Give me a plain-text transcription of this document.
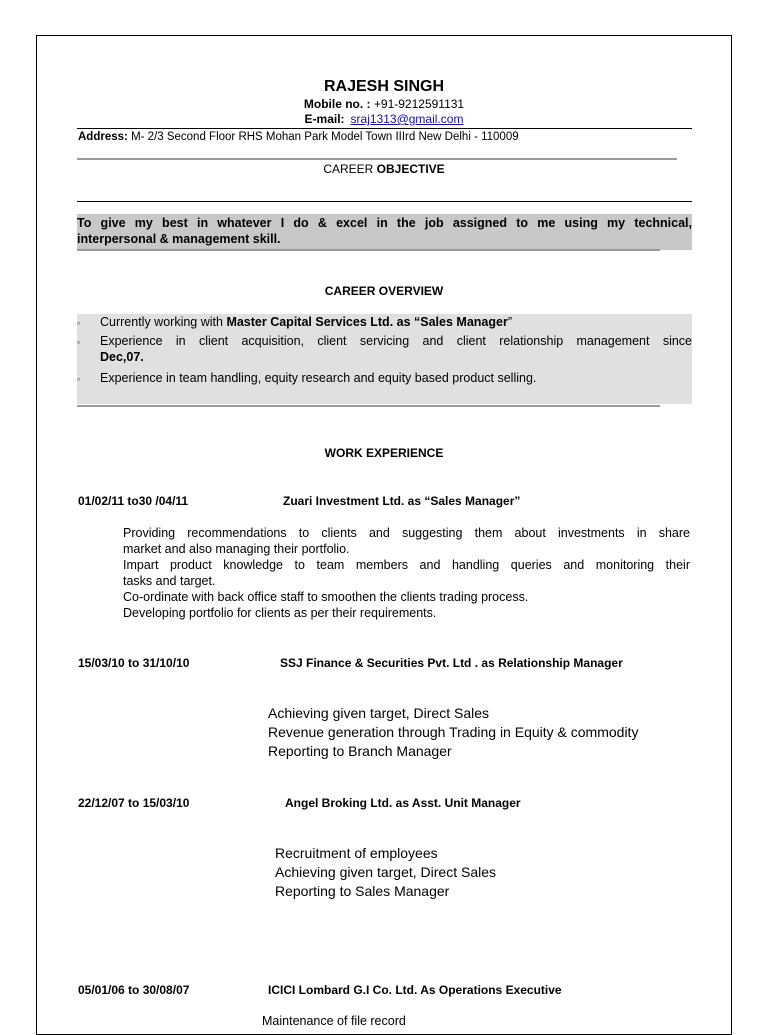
RAJESH SINGH
Mobile no. : +91-9212591131
E-mail: sraj1313@gmail.com
Address: M- 2/3 Second Floor RHS Mohan Park Model Town IIIrd New Delhi - 110009
CAREER OBJECTIVE
To give my best in whatever I do & excel in the job assigned to me using my technical,
interpersonal & management skill.
CAREER OVERVIEW
▫ Currently working with Master Capital Services Ltd. as “Sales Manager”
▫ Experience in client acquisition, client servicing and client relationship management since
Dec,07.
▫ Experience in team handling, equity research and equity based product selling.
WORK EXPERIENCE
01/02/11 to30 /04/11	Zuari Investment Ltd. as “Sales Manager”
Providing recommendations to clients and suggesting them about investments in share
market and also managing their portfolio.
Impart product knowledge to team members and handling queries and monitoring their
tasks and target.
Co-ordinate with back office staff to smoothen the clients trading process.
Developing portfolio for clients as per their requirements.
15/03/10 to 31/10/10	SSJ Finance & Securities Pvt. Ltd . as Relationship Manager
Achieving given target, Direct Sales
Revenue generation through Trading in Equity & commodity
Reporting to Branch Manager
22/12/07 to 15/03/10	Angel Broking Ltd. as Asst. Unit Manager
Recruitment of employees
Achieving given target, Direct Sales
Reporting to Sales Manager
05/01/06 to 30/08/07	ICICI Lombard G.I Co. Ltd. As Operations Executive
Maintenance of file record
